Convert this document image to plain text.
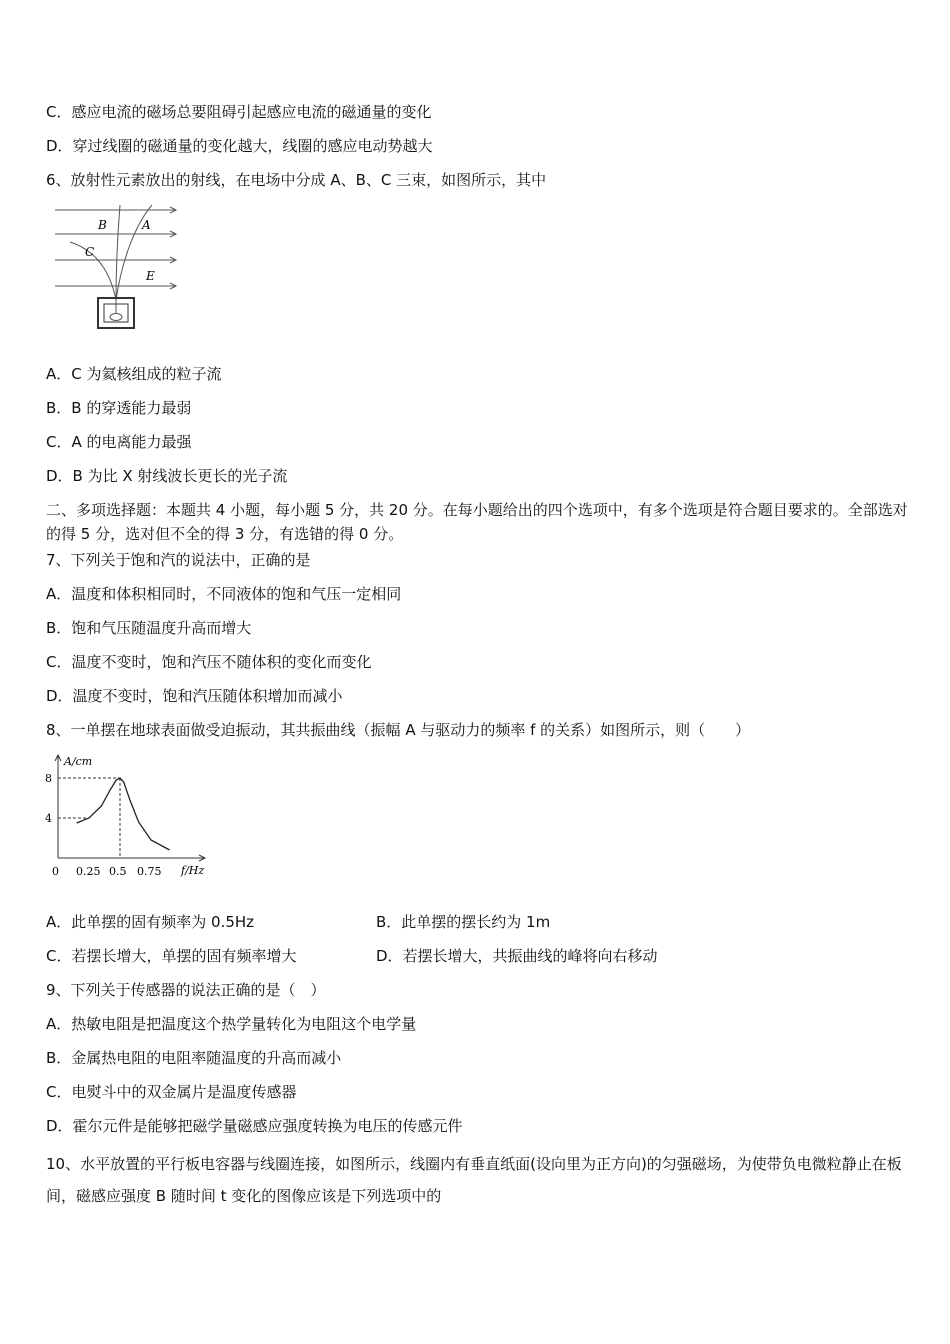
C．感应电流的磁场总要阻碍引起感应电流的磁通量的变化
D．穿过线圈的磁通量的变化越大，线圈的感应电动势越大
6、放射性元素放出的射线，在电场中分成 A、B、C 三束，如图所示，其中
B	A
C
E
A．C 为氦核组成的粒子流
B．B 的穿透能力最弱
C．A 的电离能力最强
D．B 为比 X 射线波长更长的光子流
二、多项选择题：本题共 4 小题，每小题 5 分，共 20 分。在每小题给出的四个选项中，有多个选项是符合题目要求的。全部选对的得 5 分，选对但不全的得 3 分，有选错的得 0 分。
7、下列关于饱和汽的说法中，正确的是
A．温度和体积相同时，不同液体的饱和气压一定相同
B．饱和气压随温度升高而增大
C．温度不变时，饱和汽压不随体积的变化而变化
D．温度不变时，饱和汽压随体积增加而减小
8、一单摆在地球表面做受迫振动，其共振曲线（振幅 A 与驱动力的频率 f 的关系）如图所示，则（　　）
A/cm
f/Hz
0 0.25 0.5 0.75
8
4
A．此单摆的固有频率为 0.5Hz	B．此单摆的摆长约为 1m
C．若摆长增大，单摆的固有频率增大	D．若摆长增大，共振曲线的峰将向右移动
9、下列关于传感器的说法正确的是（　）
A．热敏电阻是把温度这个热学量转化为电阻这个电学量
B．金属热电阻的电阻率随温度的升高而减小
C．电熨斗中的双金属片是温度传感器
D．霍尔元件是能够把磁学量磁感应强度转换为电压的传感元件
10、水平放置的平行板电容器与线圈连接，如图所示，线圈内有垂直纸面(设向里为正方向)的匀强磁场，为使带负电微粒静止在板间，磁感应强度 B 随时间 t 变化的图像应该是下列选项中的
